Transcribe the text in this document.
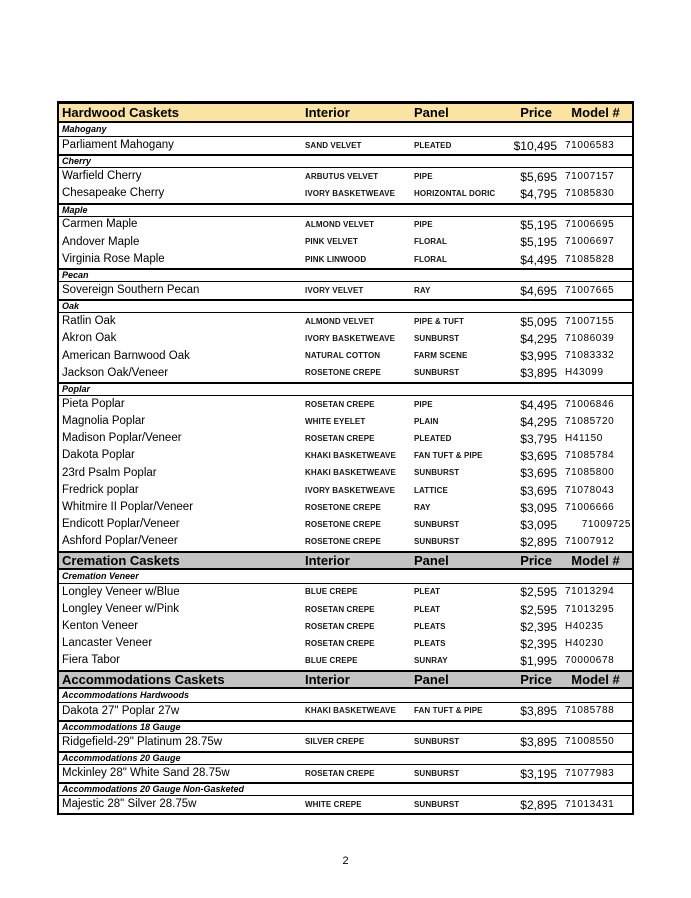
Hardwood Caskets	Interior	Panel	Price	Model #
Mahogany
Parliament Mahogany	SAND VELVET	PLEATED	$10,495 71006583
Cherry
Warfield Cherry	ARBUTUS VELVET	PIPE	$5,695 71007157
Chesapeake Cherry	IVORY BASKETWEAVE	HORIZONTAL DORIC	$4,795 71085830
Maple
Carmen Maple	ALMOND VELVET	PIPE	$5,195 71006695
Andover Maple	PINK VELVET	FLORAL	$5,195 71006697
Virginia Rose Maple	PINK LINWOOD	FLORAL	$4,495 71085828
Pecan
Sovereign Southern Pecan	IVORY VELVET	RAY	$4,695 71007665
Oak
Ratlin Oak	ALMOND VELVET	PIPE & TUFT	$5,095 71007155
Akron Oak	IVORY BASKETWEAVE	SUNBURST	$4,295 71086039
American Barnwood Oak	NATURAL COTTON	FARM SCENE	$3,995 71083332
Jackson Oak/Veneer	ROSETONE CREPE	SUNBURST	$3,895 H43099
Poplar
Pieta Poplar	ROSETAN CREPE	PIPE	$4,495 71006846
Magnolia Poplar	WHITE EYELET	PLAIN	$4,295 71085720
Madison Poplar/Veneer	ROSETAN CREPE	PLEATED	$3,795 H41150
Dakota Poplar	KHAKI BASKETWEAVE	FAN TUFT & PIPE	$3,695 71085784
23rd Psalm Poplar	KHAKI BASKETWEAVE	SUNBURST	$3,695 71085800
Fredrick poplar	IVORY BASKETWEAVE	LATTICE	$3,695 71078043
Whitmire II Poplar/Veneer	ROSETONE CREPE	RAY	$3,095 71006666
Endicott Poplar/Veneer	ROSETONE CREPE	SUNBURST	$3,095	71009725
Ashford Poplar/Veneer	ROSETONE CREPE	SUNBURST	$2,895 71007912
Cremation Caskets	Interior	Panel	Price	Model #
Cremation Veneer
Longley Veneer w/Blue	BLUE CREPE	PLEAT	$2,595 71013294
Longley Veneer w/Pink	ROSETAN CREPE	PLEAT	$2,595 71013295
Kenton Veneer	ROSETAN CREPE	PLEATS	$2,395 H40235
Lancaster Veneer	ROSETAN CREPE	PLEATS	$2,395 H40230
Fiera Tabor	BLUE CREPE	SUNRAY	$1,995 70000678
Accommodations Caskets	Interior	Panel	Price	Model #
Accommodations Hardwoods
Dakota 27" Poplar 27w	KHAKI BASKETWEAVE	FAN TUFT & PIPE	$3,895 71085788
Accommodations 18 Gauge
Ridgefield-29" Platinum 28.75w	SILVER CREPE	SUNBURST	$3,895 71008550
Accommodations 20 Gauge
Mckinley 28" White Sand 28.75w	ROSETAN CREPE	SUNBURST	$3,195 71077983
Accommodations 20 Gauge Non-Gasketed
Majestic 28" Silver 28.75w	WHITE CREPE	SUNBURST	$2,895 71013431
2
